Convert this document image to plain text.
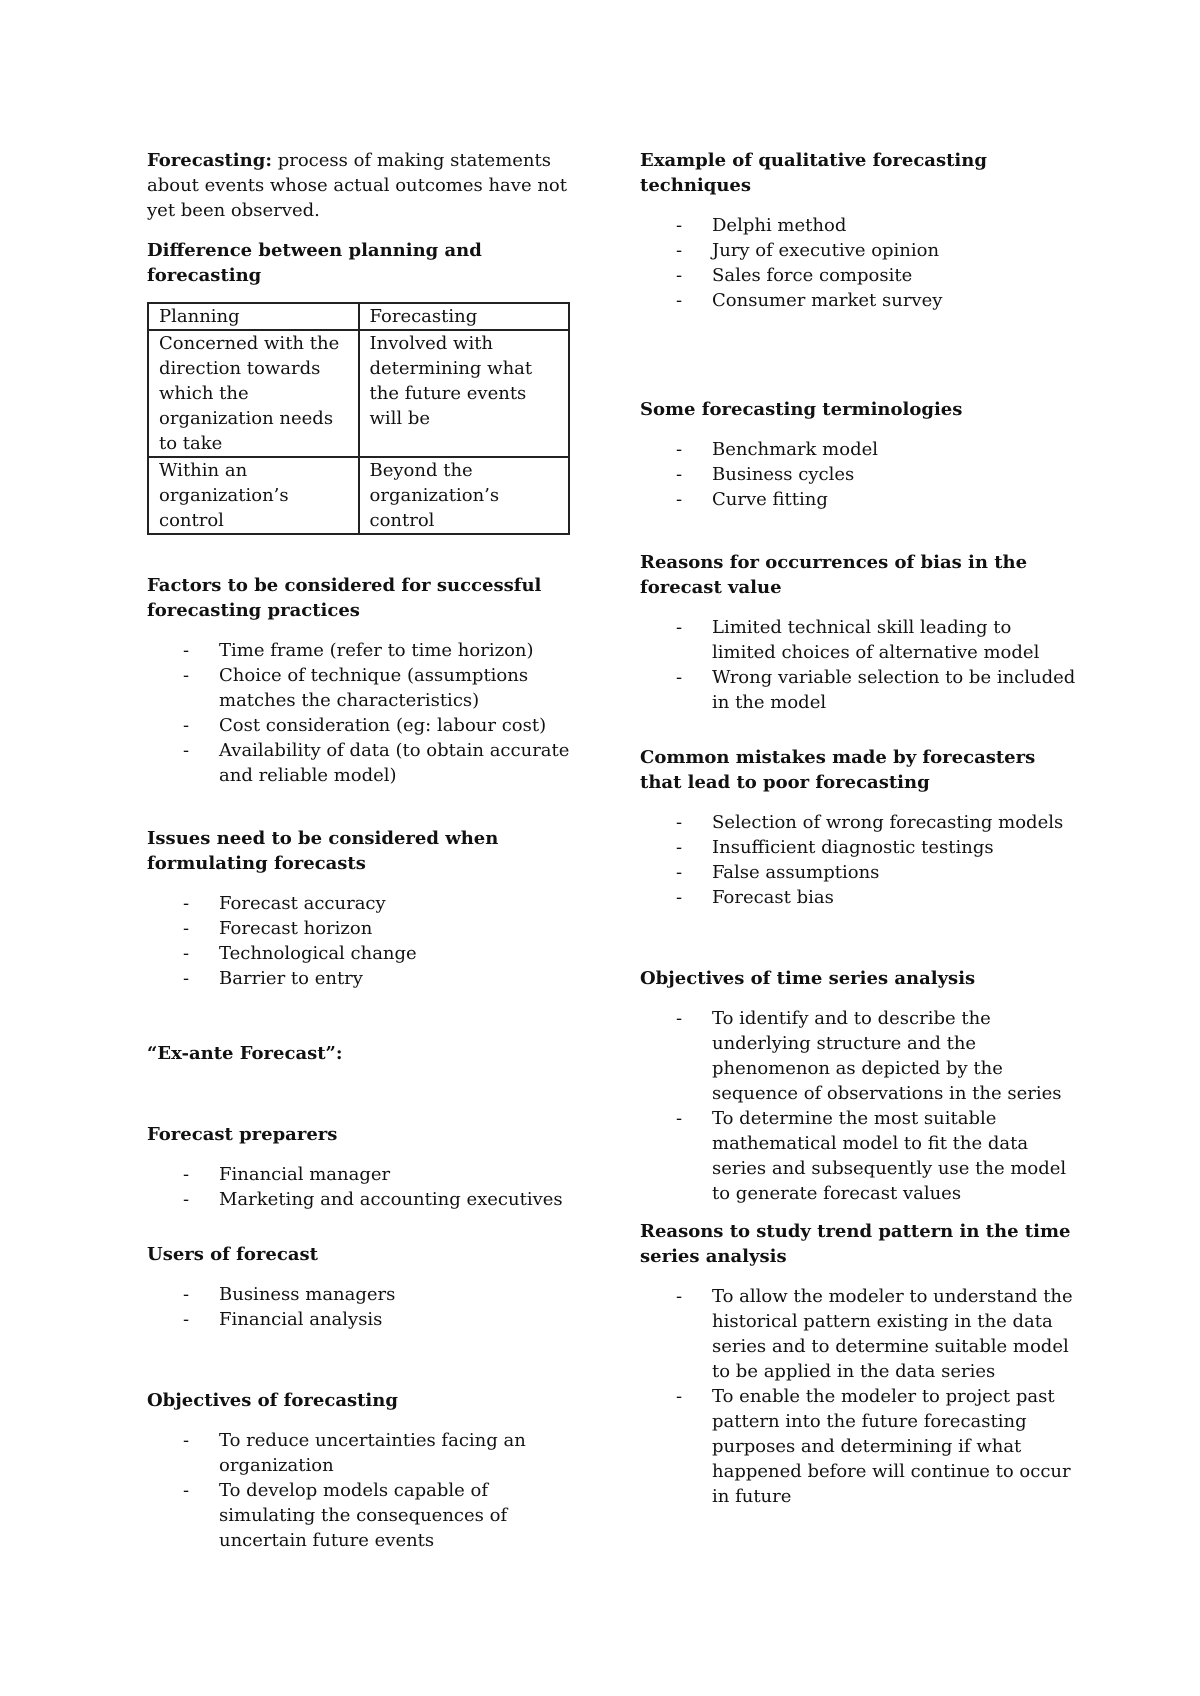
Forecasting: process of making statements about events whose actual outcomes have not yet been observed.

Difference between planning and forecasting
Planning	Forecasting
Concerned with the direction towards which the organization needs to take	Involved with determining what the future events will be
Within an organization’s control	Beyond the organization’s control
Factors to be considered for successful forecasting practices
- Time frame (refer to time horizon)
- Choice of technique (assumptions matches the characteristics)
- Cost consideration (eg: labour cost)
- Availability of data (to obtain accurate and reliable model)
Issues need to be considered when formulating forecasts
- Forecast accuracy
- Forecast horizon
- Technological change
- Barrier to entry
“Ex-ante Forecast”:
Forecast preparers
- Financial manager
- Marketing and accounting executives
Users of forecast
- Business managers
- Financial analysis
Objectives of forecasting
- To reduce uncertainties facing an organization
- To develop models capable of simulating the consequences of uncertain future events
Example of qualitative forecasting techniques
- Delphi method
- Jury of executive opinion
- Sales force composite
- Consumer market survey
Some forecasting terminologies
- Benchmark model
- Business cycles
- Curve fitting
Reasons for occurrences of bias in the forecast value
- Limited technical skill leading to limited choices of alternative model
- Wrong variable selection to be included in the model
Common mistakes made by forecasters that lead to poor forecasting
- Selection of wrong forecasting models
- Insufficient diagnostic testings
- False assumptions
- Forecast bias
Objectives of time series analysis
- To identify and to describe the underlying structure and the phenomenon as depicted by the sequence of observations in the series
- To determine the most suitable mathematical model to fit the data series and subsequently use the model to generate forecast values
Reasons to study trend pattern in the time series analysis
- To allow the modeler to understand the historical pattern existing in the data series and to determine suitable model to be applied in the data series
- To enable the modeler to project past pattern into the future forecasting purposes and determining if what happened before will continue to occur in future
